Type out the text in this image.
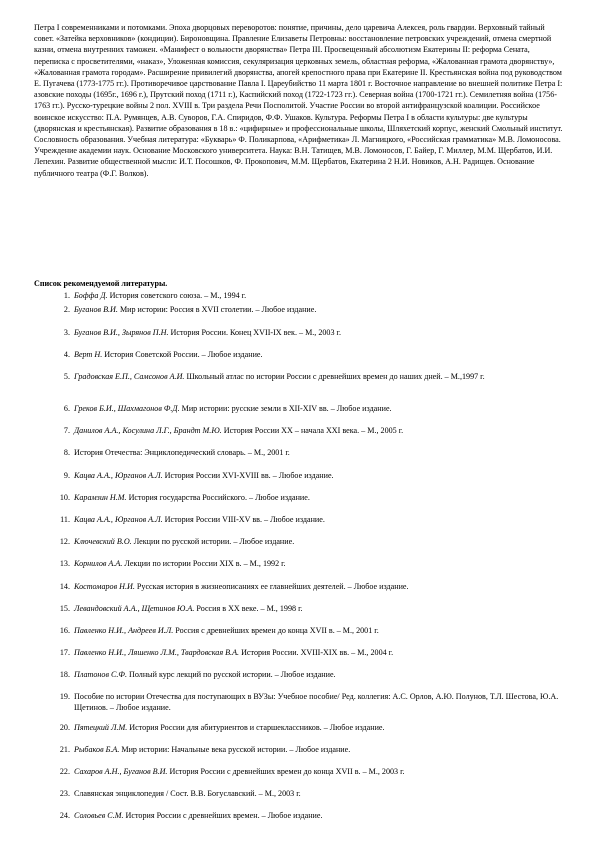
Петра I современниками и потомками. Эпоха дворцовых переворотов: понятие, причины, дело царевича Алексея, роль гвардии. Верховный тайный совет. «Затейка верховников» (кондиции). Бироновщина. Правление Елизаветы Петровны: восстановление петровских учреждений, отмена смертной казни, отмена внутренних таможен. «Манифест о вольности дворянства» Петра III. Просвещенный абсолютизм Екатерины II: реформа Сената, переписка с просветителями, «наказ», Уложенная комиссия, секуляризация церковных земель, областная реформа, «Жалованная грамота дворянству», «Жалованная грамота городам». Расширение привилегий дворянства, апогей крепостного права при Екатерине II. Крестьянская война под руководством Е. Пугачева (1773-1775 гг.). Противоречивое царствование Павла I. Цареубийство 11 марта 1801 г. Восточное направление во внешней политике Петра I: азовские походы (1695г., 1696 г.), Прутский поход (1711 г.), Каспийский поход (1722-1723 гг.). Северная война (1700-1721 гг.). Семилетняя война (1756-1763 гг.). Русско-турецкие войны 2 пол. XVIII в. Три раздела Речи Посполитой. Участие России во второй антифранцузской коалиции. Российское воинское искусство: П.А. Румянцев, А.В. Суворов, Г.А. Спиридов, Ф.Ф. Ушаков. Культура. Реформы Петра I в области культуры: две культуры (дворянская и крестьянская). Развитие образования в 18 в.: «цифирные» и профессиональные школы, Шляхетский корпус, женский Смольный институт. Сословность образования. Учебная литература: «Букварь» Ф. Поликарпова, «Арифметика» Л. Магницкого, «Российская грамматика» М.В. Ломоносова. Учреждение академии наук. Основание Московского университета. Наука: В.Н. Татищев, М.В. Ломоносов, Г. Байер, Г. Миллер, М.М. Щербатов, И.И. Лепехин. Развитие общественной мысли: И.Т. Посошков, Ф. Прокопович, М.М. Щербатов, Екатерина 2 Н.И. Новиков, А.Н. Радищев. Основание публичного театра (Ф.Г. Волков).

Список рекомендуемой литературы.

1. Боффа Д. История советского союза. – М., 1994 г.
2. Буганов В.И. Мир истории: Россия в XVII столетии. – Любое издание.
3. Буганов В.И., Зырянов П.Н. История России. Конец XVII-IX век. – М., 2003 г.
4. Верт Н. История Советской России. – Любое издание.
5. Градовская Е.П., Самсонов А.И. Школьный атлас по истории России с древнейших времен до наших дней. – М.,1997 г.
6. Греков Б.И., Шахмагонов Ф.Д. Мир истории: русские земли в XII-XIV вв. – Любое издание.
7. Данилов А.А., Косулина Л.Г., Брандт М.Ю. История России XX – начала XXI века. – М., 2005 г.
8. История Отечества: Энциклопедический словарь. – М., 2001 г.
9. Кацва А.А., Юрганов А.Л. История России XVI-XVIII вв. – Любое издание.
10. Карамзин Н.М. История государства Российского. – Любое издание.
11. Кацва А.А., Юрганов А.Л. История России VIII-XV вв. – Любое издание.
12. Ключевский В.О. Лекции по русской истории. – Любое издание.
13. Корнилов А.А. Лекции по истории России XIX в. – М., 1992 г.
14. Костомаров Н.И. Русская история в жизнеописаниях ее главнейших деятелей. – Любое издание.
15. Левандовский А.А., Щетинов Ю.А. Россия в XX веке. – М., 1998 г.
16. Павленко Н.И., Андреев И.Л. Россия с древнейших времен до конца XVII в. – М., 2001 г.
17. Павленко Н.И., Ляшенко Л.М., Твардовская В.А. История России. XVIII-XIX вв. – М., 2004 г.
18. Платонов С.Ф. Полный курс лекций по русской истории. – Любое издание.
19. Пособие по истории Отечества для поступающих в ВУЗы: Учебное пособие/ Ред. коллегия: А.С. Орлов, А.Ю. Полунов, Т.Л. Шестова, Ю.А. Щетинов. – Любое издание.
20. Пятецкий Л.М. История России для абитуриентов и старшеклассников. – Любое издание.
21. Рыбаков Б.А. Мир истории: Начальные века русской истории. – Любое издание.
22. Сахаров А.Н., Буганов В.И. История России с древнейших времен до конца XVII в. – М., 2003 г.
23. Славянская энциклопедия / Сост. В.В. Богуславский. – М., 2003 г.
24. Соловьев С.М. История России с древнейших времен. – Любое издание.
